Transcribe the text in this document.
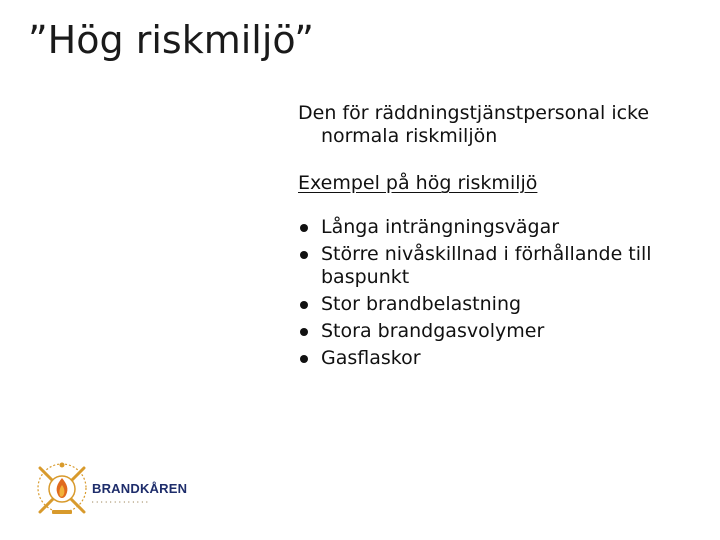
”Hög riskmiljö”

Den för räddningstjänstpersonal icke normala riskmiljön

Exempel på hög riskmiljö

Långa inträngningsvägar
Större nivåskillnad i förhållande till baspunkt
Stor brandbelastning
Stora brandgasvolymer
Gasflaskor
BRANDKÅREN
• • • • • • • • • • • • •
